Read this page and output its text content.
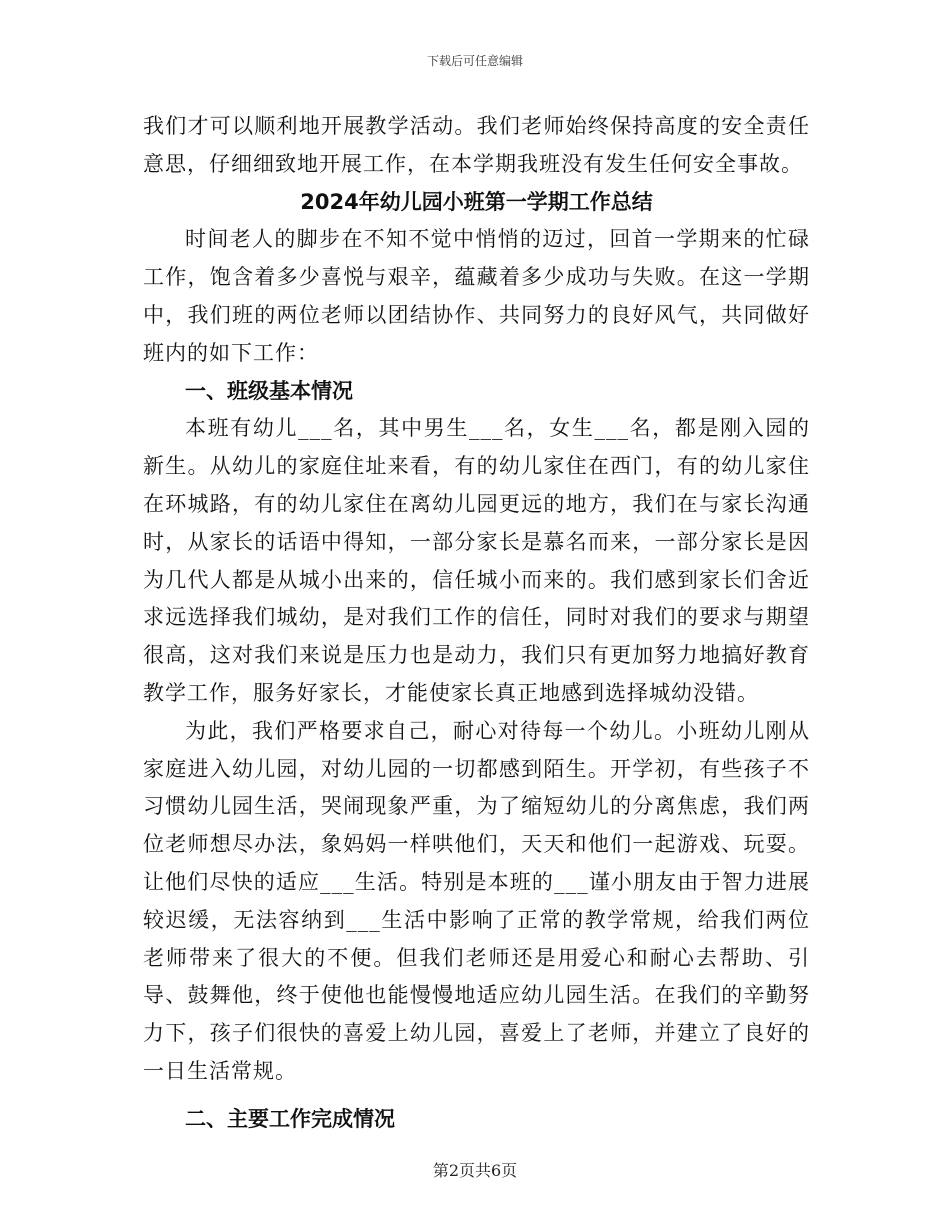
下载后可任意编辑

我们才可以顺利地开展教学活动。我们老师始终保持高度的安全责任意思，仔细细致地开展工作，在本学期我班没有发生任何安全事故。

2024年幼儿园小班第一学期工作总结

时间老人的脚步在不知不觉中悄悄的迈过，回首一学期来的忙碌工作，饱含着多少喜悦与艰辛，蕴藏着多少成功与失败。在这一学期中，我们班的两位老师以团结协作、共同努力的良好风气，共同做好班内的如下工作：

一、班级基本情况

本班有幼儿___名，其中男生___名，女生___名，都是刚入园的新生。从幼儿的家庭住址来看，有的幼儿家住在西门，有的幼儿家住在环城路，有的幼儿家住在离幼儿园更远的地方，我们在与家长沟通时，从家长的话语中得知，一部分家长是慕名而来，一部分家长是因为几代人都是从城小出来的，信任城小而来的。我们感到家长们舍近求远选择我们城幼，是对我们工作的信任，同时对我们的要求与期望很高，这对我们来说是压力也是动力，我们只有更加努力地搞好教育教学工作，服务好家长，才能使家长真正地感到选择城幼没错。

为此，我们严格要求自己，耐心对待每一个幼儿。小班幼儿刚从家庭进入幼儿园，对幼儿园的一切都感到陌生。开学初，有些孩子不习惯幼儿园生活，哭闹现象严重，为了缩短幼儿的分离焦虑，我们两位老师想尽办法，象妈妈一样哄他们，天天和他们一起游戏、玩耍。让他们尽快的适应___生活。特别是本班的___谨小朋友由于智力进展较迟缓，无法容纳到___生活中影响了正常的教学常规，给我们两位老师带来了很大的不便。但我们老师还是用爱心和耐心去帮助、引导、鼓舞他，终于使他也能慢慢地适应幼儿园生活。在我们的辛勤努力下，孩子们很快的喜爱上幼儿园，喜爱上了老师，并建立了良好的一日生活常规。

二、主要工作完成情况

第2页共6页
